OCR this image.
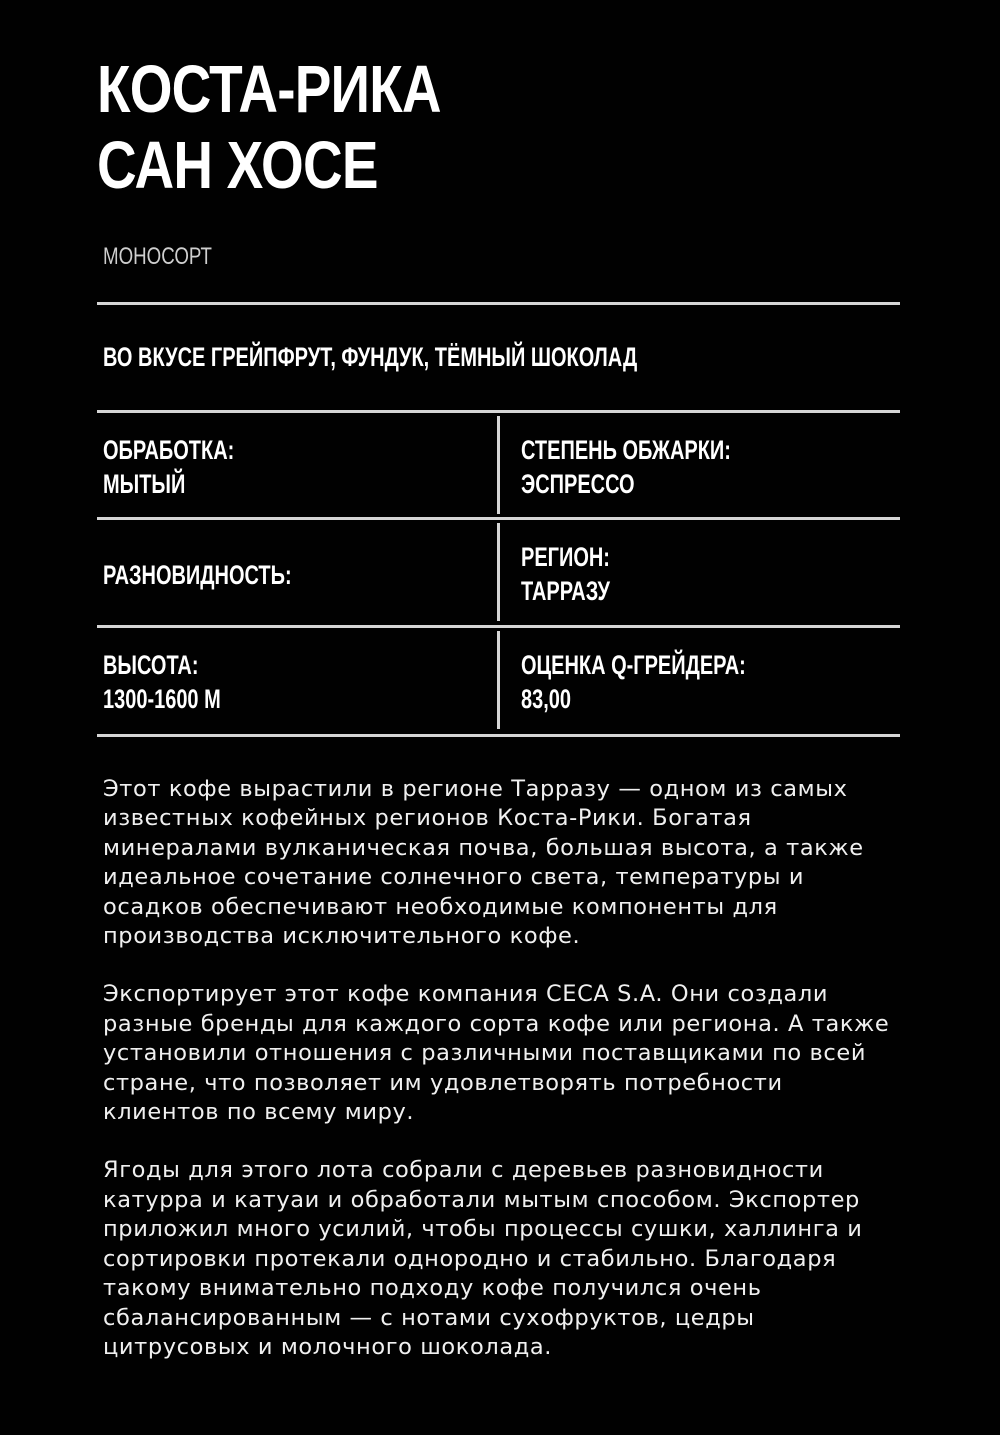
КОСТА-РИКА
САН ХОСЕ
МОНОСОРТ
ВО ВКУСЕ ГРЕЙПФРУТ, ФУНДУК, ТЁМНЫЙ ШОКОЛАД
ОБРАБОТКА:
МЫТЫЙ
СТЕПЕНЬ ОБЖАРКИ:
ЭСПРЕССО
РАЗНОВИДНОСТЬ:
РЕГИОН:
ТАРРАЗУ
ВЫСОТА:
1300-1600 М
ОЦЕНКА Q-ГРЕЙДЕРА:
83,00

Этот кофе вырастили в регионе Тарразу — одном из самых известных кофейных регионов Коста-Рики. Богатая минералами вулканическая почва, большая высота, а также идеальное сочетание солнечного света, температуры и осадков обеспечивают необходимые компоненты для производства исключительного кофе.

Экспортирует этот кофе компания CECA S.A. Они создали разные бренды для каждого сорта кофе или региона. А также установили отношения с различными поставщиками по всей стране, что позволяет им удовлетворять потребности клиентов по всему миру.

Ягоды для этого лота собрали с деревьев разновидности катурра и катуаи и обработали мытым способом. Экспортер приложил много усилий, чтобы процессы сушки, халлинга и сортировки протекали однородно и стабильно. Благодаря такому внимательно подходу кофе получился очень сбалансированным — с нотами сухофруктов, цедры цитрусовых и молочного шоколада.
